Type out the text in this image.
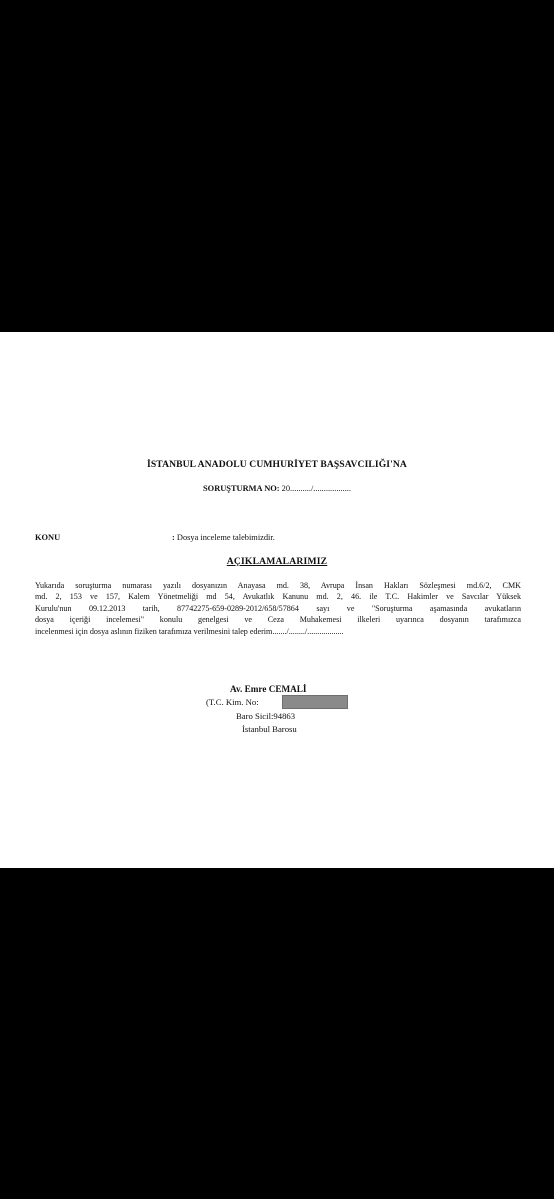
İSTANBUL ANADOLU CUMHURİYET BAŞSAVCILIĞI'NA
SORUŞTURMA NO: 20........../..................
KONU	: Dosya inceleme talebimizdir.
AÇIKLAMALARIMIZ
Yukarıda soruşturma numarası yazılı dosyanızın Anayasa md. 38, Avrupa İnsan Hakları Sözleşmesi md.6/2, CMK
md. 2, 153 ve 157, Kalem Yönetmeliği md 54, Avukatlık Kanunu md. 2, 46. ile T.C. Hakimler ve Savcılar Yüksek
Kurulu'nun 09.12.2013 tarih, 87742275-659-0289-2012/658/57864 sayı ve "Soruşturma aşamasında avukatların
dosya içeriği incelemesi" konulu genelgesi ve Ceza Muhakemesi ilkeleri uyarınca dosyanın tarafımızca
incelenmesi için dosya aslının fiziken tarafımıza verilmesini talep ederim......./......../..................
Av. Emre CEMALİ
(T.C. Kim. No:
Baro Sicil:94863
İstanbul Barosu
